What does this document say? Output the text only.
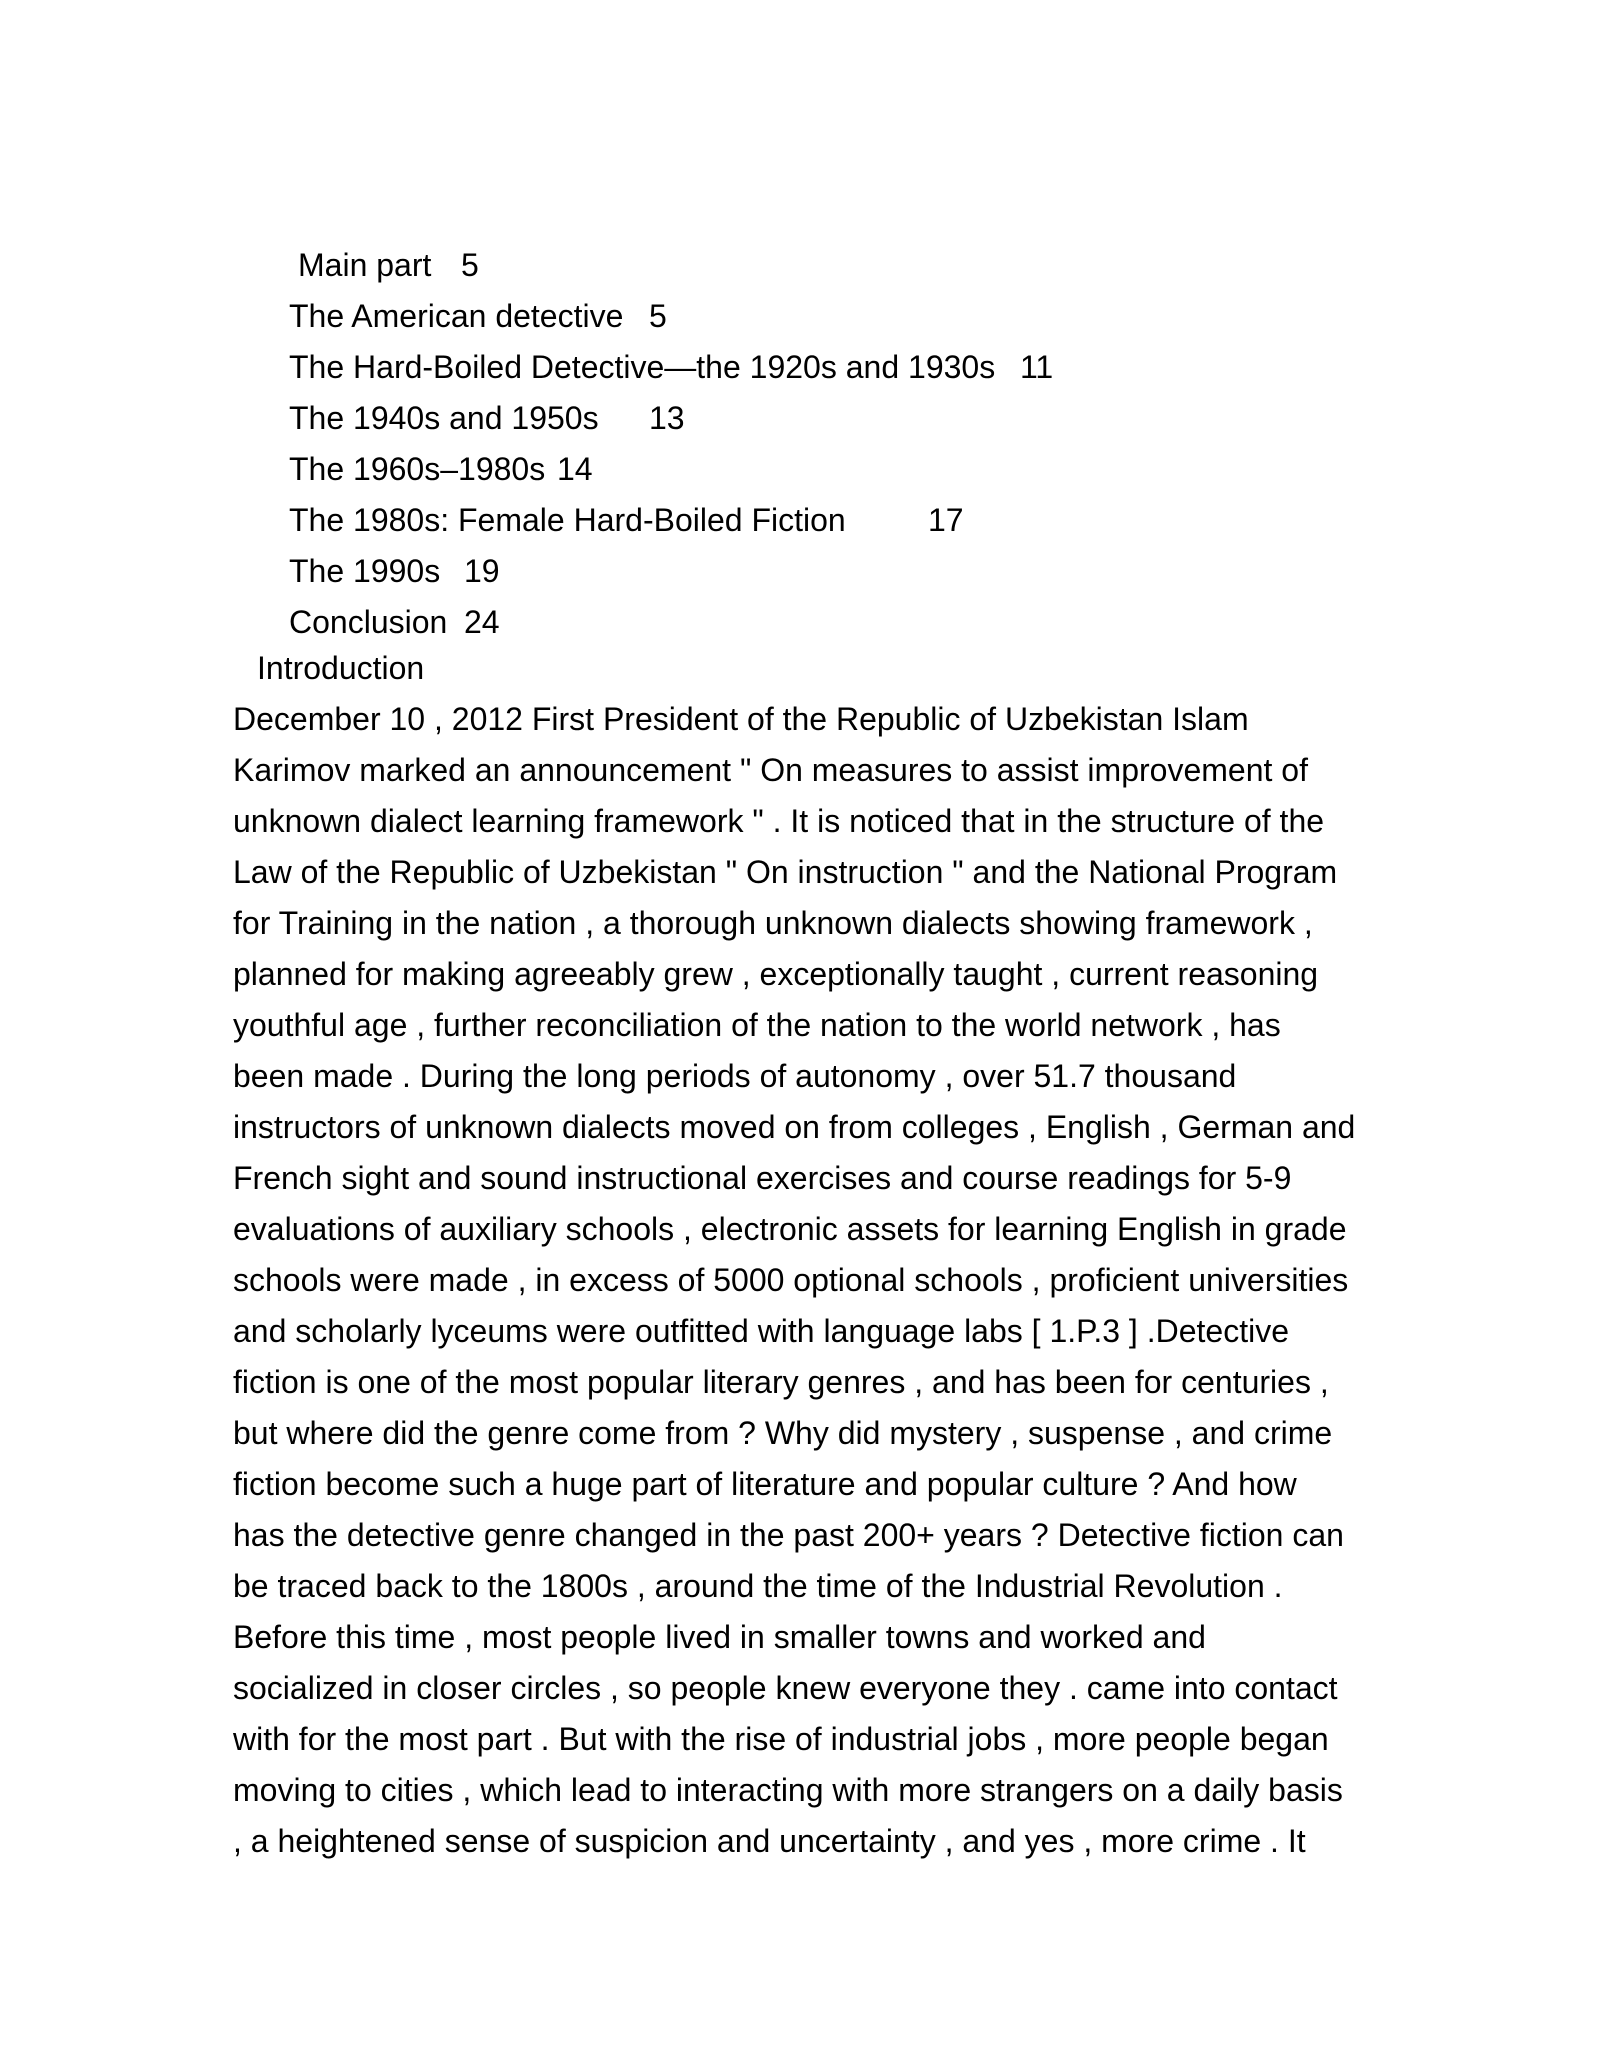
Main part 5
The American detective 5
The Hard-Boiled Detective—the 1920s and 1930s 11
The 1940s and 1950s 13
The 1960s–1980s 14
The 1980s: Female Hard-Boiled Fiction	17
The 1990s 19
Conclusion 24
Introduction
December 10 , 2012 First President of the Republic of Uzbekistan Islam
Karimov marked an announcement " On measures to assist improvement of
unknown dialect learning framework " . It is noticed that in the structure of the
Law of the Republic of Uzbekistan " On instruction " and the National Program
for Training in the nation , a thorough unknown dialects showing framework ,
planned for making agreeably grew , exceptionally taught , current reasoning
youthful age , further reconciliation of the nation to the world network , has
been made . During the long periods of autonomy , over 51.7 thousand
instructors of unknown dialects moved on from colleges , English , German and
French sight and sound instructional exercises and course readings for 5-9
evaluations of auxiliary schools , electronic assets for learning English in grade
schools were made , in excess of 5000 optional schools , proficient universities
and scholarly lyceums were outfitted with language labs [ 1.P.3 ] .Detective
fiction is one of the most popular literary genres , and has been for centuries ,
but where did the genre come from ? Why did mystery , suspense , and crime
fiction become such a huge part of literature and popular culture ? And how
has the detective genre changed in the past 200+ years ? Detective fiction can
be traced back to the 1800s , around the time of the Industrial Revolution .
Before this time , most people lived in smaller towns and worked and
socialized in closer circles , so people knew everyone they . came into contact
with for the most part . But with the rise of industrial jobs , more people began
moving to cities , which lead to interacting with more strangers on a daily basis
, a heightened sense of suspicion and uncertainty , and yes , more crime . It
